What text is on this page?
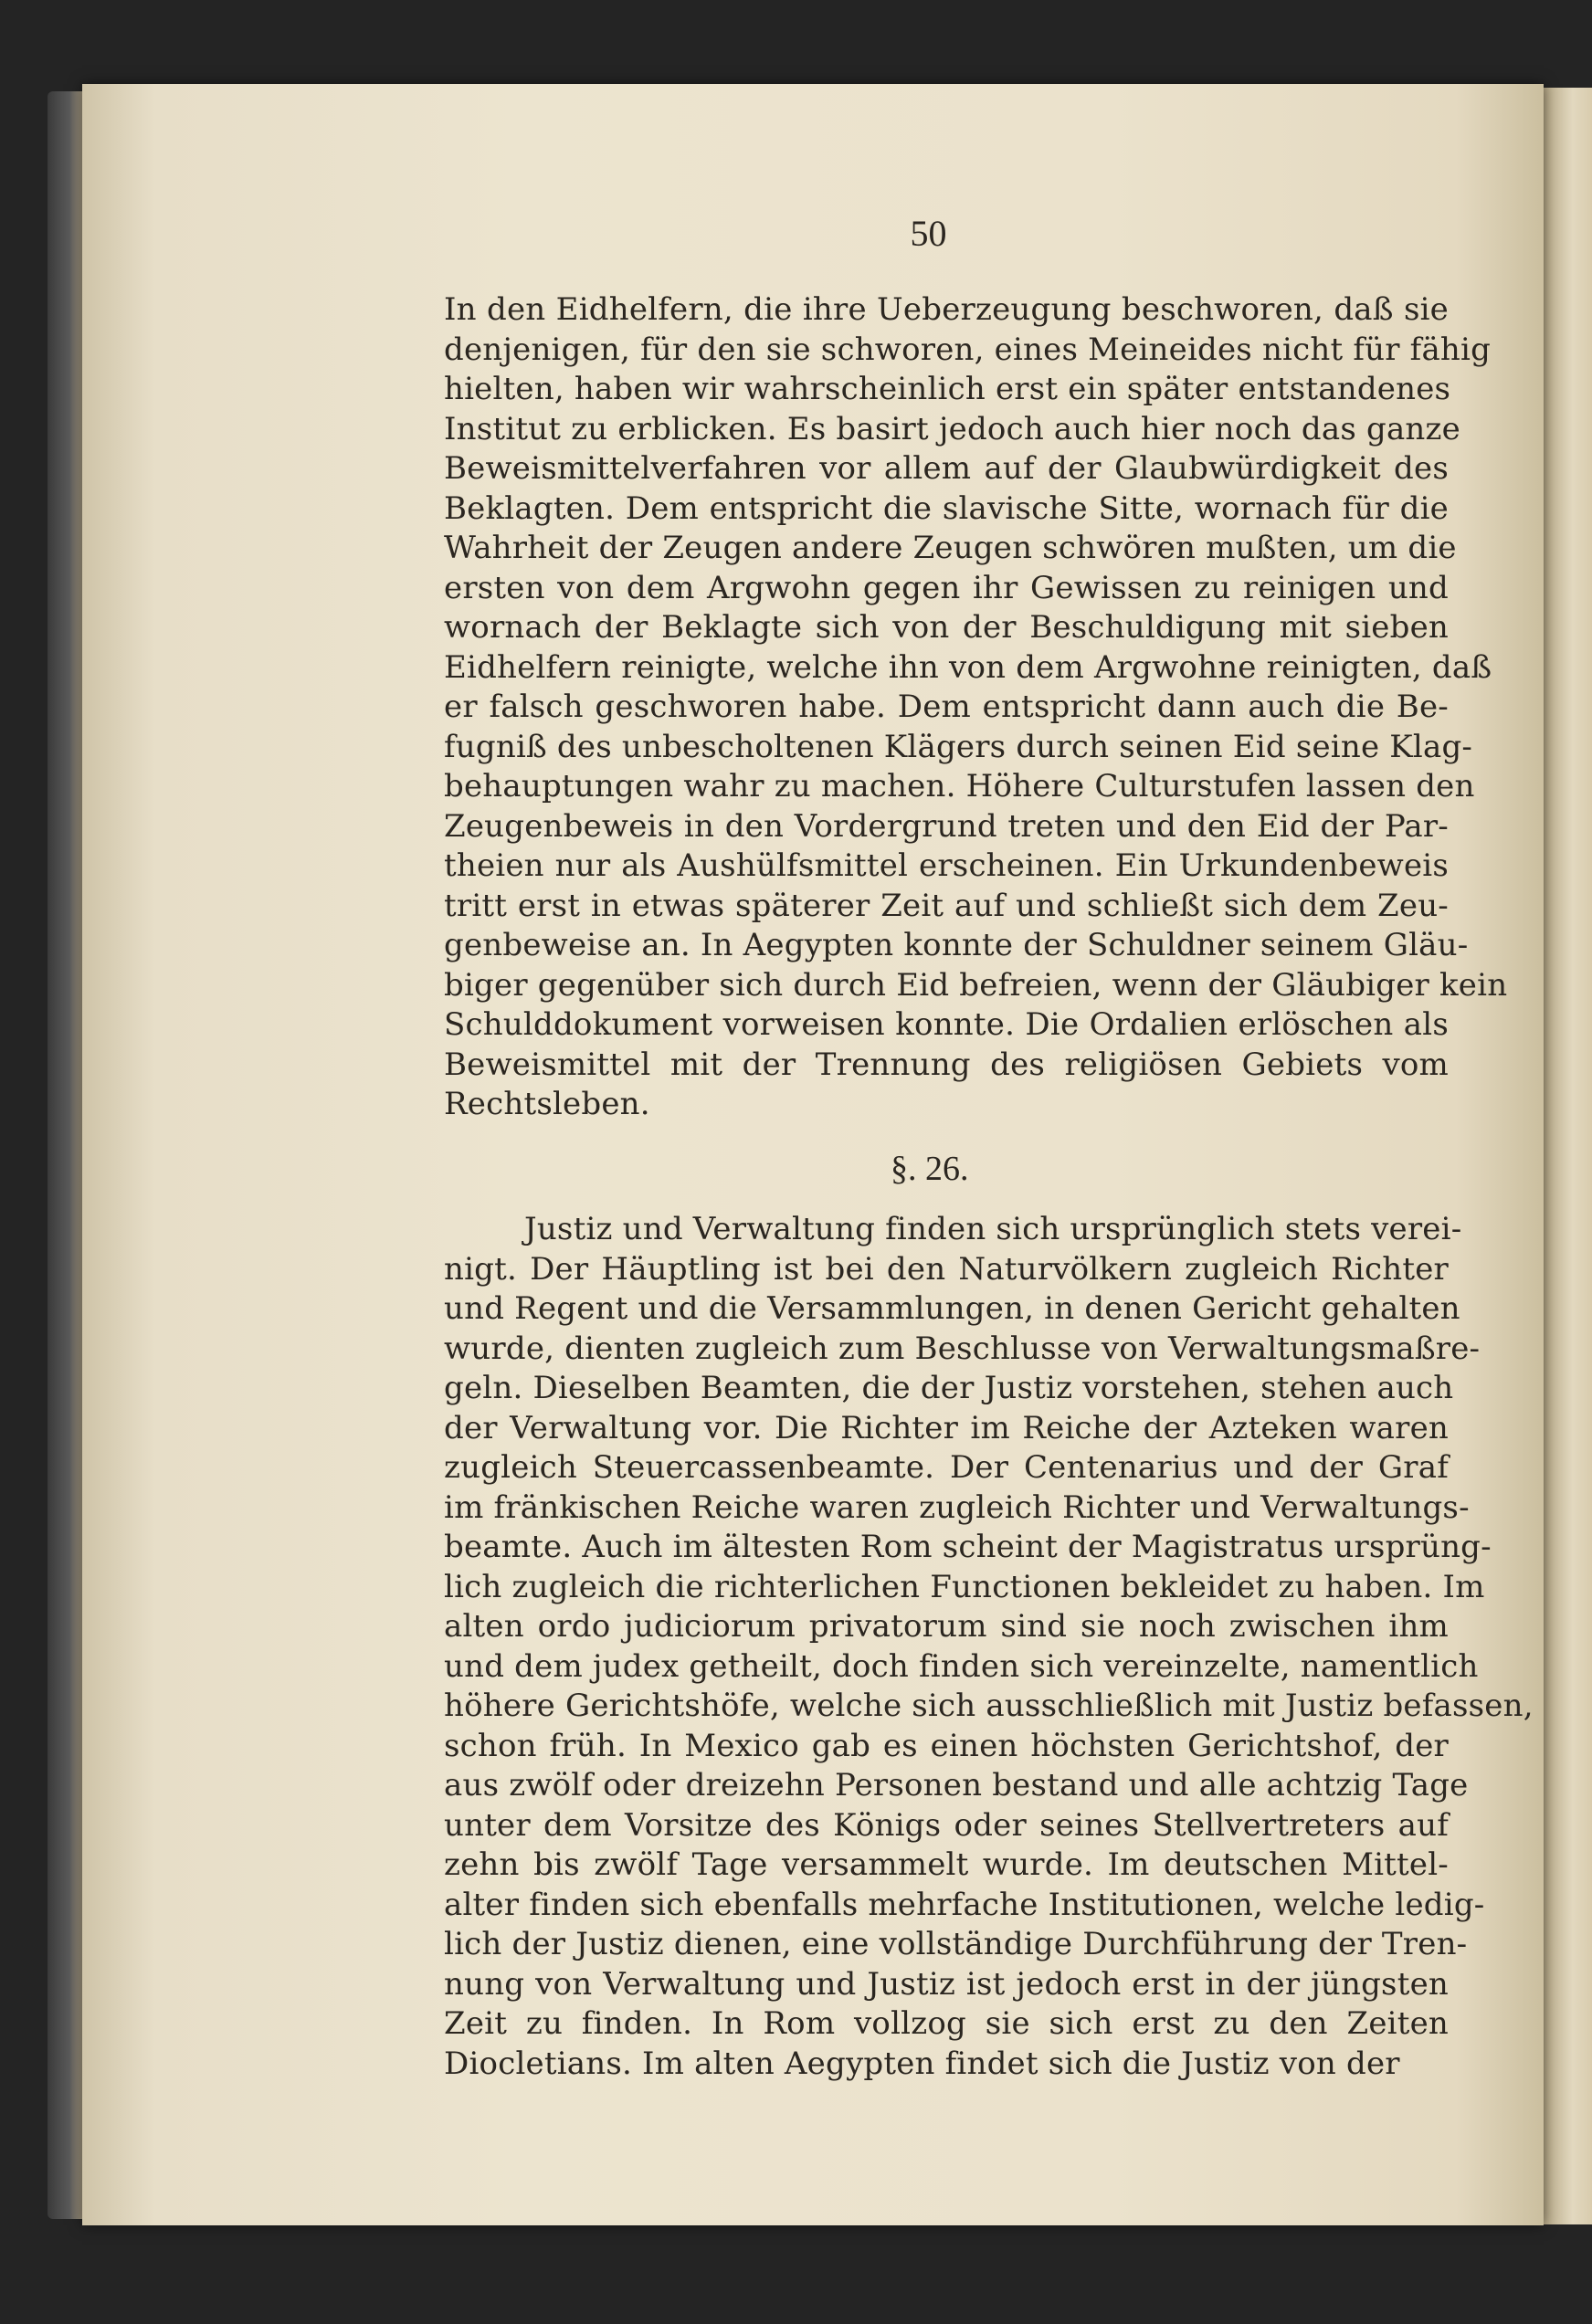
50
In den Eidhelfern, die ihre Ueberzeugung beschworen, daß sie
denjenigen, für den sie schworen, eines Meineides nicht für fähig
hielten, haben wir wahrscheinlich erst ein später entstandenes
Institut zu erblicken. Es basirt jedoch auch hier noch das ganze
Beweismittelverfahren vor allem auf der Glaubwürdigkeit des
Beklagten. Dem entspricht die slavische Sitte, wornach für die
Wahrheit der Zeugen andere Zeugen schwören mußten, um die
ersten von dem Argwohn gegen ihr Gewissen zu reinigen und
wornach der Beklagte sich von der Beschuldigung mit sieben
Eidhelfern reinigte, welche ihn von dem Argwohne reinigten, daß
er falsch geschworen habe. Dem entspricht dann auch die Be-
fugniß des unbescholtenen Klägers durch seinen Eid seine Klag-
behauptungen wahr zu machen. Höhere Culturstufen lassen den
Zeugenbeweis in den Vordergrund treten und den Eid der Par-
theien nur als Aushülfsmittel erscheinen. Ein Urkundenbeweis
tritt erst in etwas späterer Zeit auf und schließt sich dem Zeu-
genbeweise an. In Aegypten konnte der Schuldner seinem Gläu-
biger gegenüber sich durch Eid befreien, wenn der Gläubiger kein
Schulddokument vorweisen konnte. Die Ordalien erlöschen als
Beweismittel mit der Trennung des religiösen Gebiets vom
Rechtsleben.
§. 26.
Justiz und Verwaltung finden sich ursprünglich stets verei-
nigt. Der Häuptling ist bei den Naturvölkern zugleich Richter
und Regent und die Versammlungen, in denen Gericht gehalten
wurde, dienten zugleich zum Beschlusse von Verwaltungsmaßre-
geln. Dieselben Beamten, die der Justiz vorstehen, stehen auch
der Verwaltung vor. Die Richter im Reiche der Azteken waren
zugleich Steuercassenbeamte. Der Centenarius und der Graf
im fränkischen Reiche waren zugleich Richter und Verwaltungs-
beamte. Auch im ältesten Rom scheint der Magistratus ursprüng-
lich zugleich die richterlichen Functionen bekleidet zu haben. Im
alten ordo judiciorum privatorum sind sie noch zwischen ihm
und dem judex getheilt, doch finden sich vereinzelte, namentlich
höhere Gerichtshöfe, welche sich ausschließlich mit Justiz befassen,
schon früh. In Mexico gab es einen höchsten Gerichtshof, der
aus zwölf oder dreizehn Personen bestand und alle achtzig Tage
unter dem Vorsitze des Königs oder seines Stellvertreters auf
zehn bis zwölf Tage versammelt wurde. Im deutschen Mittel-
alter finden sich ebenfalls mehrfache Institutionen, welche ledig-
lich der Justiz dienen, eine vollständige Durchführung der Tren-
nung von Verwaltung und Justiz ist jedoch erst in der jüngsten
Zeit zu finden. In Rom vollzog sie sich erst zu den Zeiten
Diocletians. Im alten Aegypten findet sich die Justiz von der
